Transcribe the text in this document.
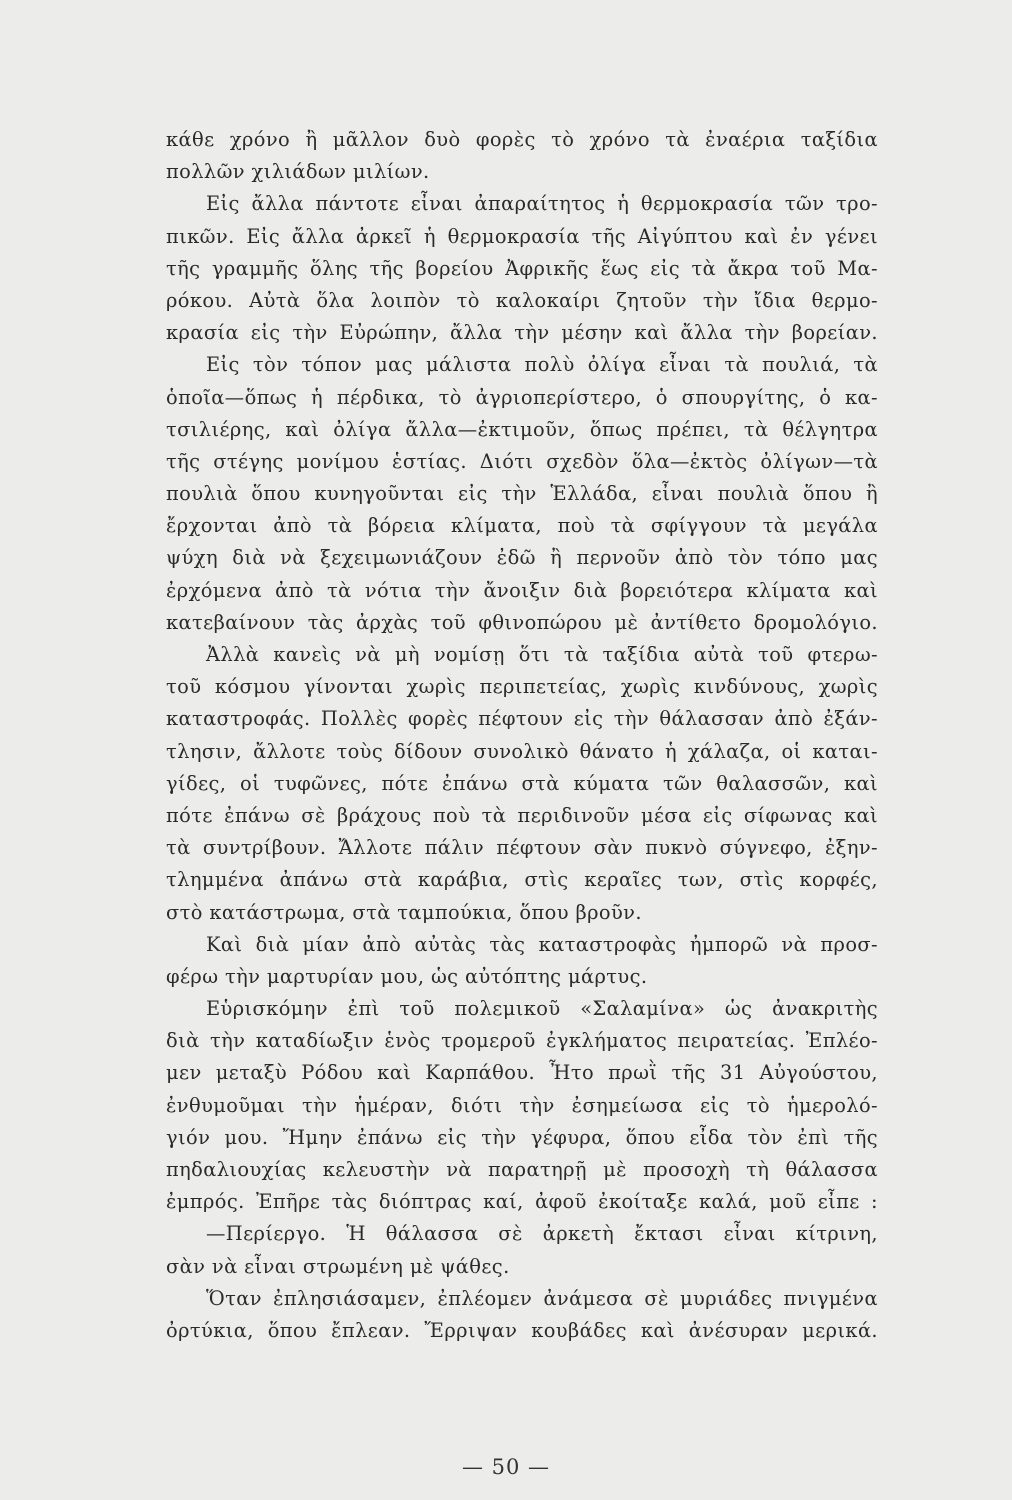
κάθε χρόνο ἢ μᾶλλον δυὸ φορὲς τὸ χρόνο τὰ ἐναέρια ταξίδια
πολλῶν χιλιάδων μιλίων.
Εἰς ἄλλα πάντοτε εἶναι ἀπαραίτητος ἡ θερμοκρασία τῶν τρο-
πικῶν. Εἰς ἄλλα ἀρκεῖ ἡ θερμοκρασία τῆς Αἰγύπτου καὶ ἐν γένει
τῆς γραμμῆς ὅλης τῆς βορείου Ἀφρικῆς ἕως εἰς τὰ ἄκρα τοῦ Μα-
ρόκου. Αὐτὰ ὅλα λοιπὸν τὸ καλοκαίρι ζητοῦν τὴν ἴδια θερμο-
κρασία εἰς τὴν Εὐρώπην, ἄλλα τὴν μέσην καὶ ἄλλα τὴν βορείαν.
Εἰς τὸν τόπον μας μάλιστα πολὺ ὀλίγα εἶναι τὰ πουλιά, τὰ
ὁποῖα—ὅπως ἡ πέρδικα, τὸ ἀγριοπερίστερο, ὁ σπουργίτης, ὁ κα-
τσιλιέρης, καὶ ὀλίγα ἄλλα—ἐκτιμοῦν, ὅπως πρέπει, τὰ θέλγητρα
τῆς στέγης μονίμου ἑστίας. Διότι σχεδὸν ὅλα—ἐκτὸς ὀλίγων—τὰ
πουλιὰ ὅπου κυνηγοῦνται εἰς τὴν Ἑλλάδα, εἶναι πουλιὰ ὅπου ἢ
ἔρχονται ἀπὸ τὰ βόρεια κλίματα, ποὺ τὰ σφίγγουν τὰ μεγάλα
ψύχη διὰ νὰ ξεχειμωνιάζουν ἐδῶ ἢ περνοῦν ἀπὸ τὸν τόπο μας
ἐρχόμενα ἀπὸ τὰ νότια τὴν ἄνοιξιν διὰ βορειότερα κλίματα καὶ
κατεβαίνουν τὰς ἀρχὰς τοῦ φθινοπώρου μὲ ἀντίθετο δρομολόγιο.
Ἀλλὰ κανεὶς νὰ μὴ νομίσῃ ὅτι τὰ ταξίδια αὐτὰ τοῦ φτερω-
τοῦ κόσμου γίνονται χωρὶς περιπετείας, χωρὶς κινδύνους, χωρὶς
καταστροφάς. Πολλὲς φορὲς πέφτουν εἰς τὴν θάλασσαν ἀπὸ ἐξάν-
τλησιν, ἄλλοτε τοὺς δίδουν συνολικὸ θάνατο ἡ χάλαζα, οἱ καται-
γίδες, οἱ τυφῶνες, πότε ἐπάνω στὰ κύματα τῶν θαλασσῶν, καὶ
πότε ἐπάνω σὲ βράχους ποὺ τὰ περιδινοῦν μέσα εἰς σίφωνας καὶ
τὰ συντρίβουν. Ἄλλοτε πάλιν πέφτουν σὰν πυκνὸ σύγνεφο, ἐξην-
τλημμένα ἀπάνω στὰ καράβια, στὶς κεραῖες των, στὶς κορφές,
στὸ κατάστρωμα, στὰ ταμπούκια, ὅπου βροῦν.
Καὶ διὰ μίαν ἀπὸ αὐτὰς τὰς καταστροφὰς ἠμπορῶ νὰ προσ-
φέρω τὴν μαρτυρίαν μου, ὡς αὐτόπτης μάρτυς.
Εὑρισκόμην ἐπὶ τοῦ πολεμικοῦ «Σαλαμίνα» ὡς ἀνακριτὴς
διὰ τὴν καταδίωξιν ἑνὸς τρομεροῦ ἐγκλήματος πειρατείας. Ἐπλέο-
μεν μεταξὺ Ρόδου καὶ Καρπάθου. Ἦτο πρωῒ τῆς 31 Αὐγούστου,
ἐνθυμοῦμαι τὴν ἡμέραν, διότι τὴν ἐσημείωσα εἰς τὸ ἡμερολό-
γιόν μου. Ἤμην ἐπάνω εἰς τὴν γέφυρα, ὅπου εἶδα τὸν ἐπὶ τῆς
πηδαλιουχίας κελευστὴν νὰ παρατηρῇ μὲ προσοχὴ τὴ θάλασσα
ἐμπρός. Ἐπῆρε τὰς διόπτρας καί, ἀφοῦ ἐκοίταξε καλά, μοῦ εἶπε :
—Περίεργο. Ἡ θάλασσα σὲ ἀρκετὴ ἔκτασι εἶναι κίτρινη,
σὰν νὰ εἶναι στρωμένη μὲ ψάθες.
Ὅταν ἐπλησιάσαμεν, ἐπλέομεν ἀνάμεσα σὲ μυριάδες πνιγμένα
ὀρτύκια, ὅπου ἔπλεαν. Ἔρριψαν κουβάδες καὶ ἀνέσυραν μερικά.
— 50 —
